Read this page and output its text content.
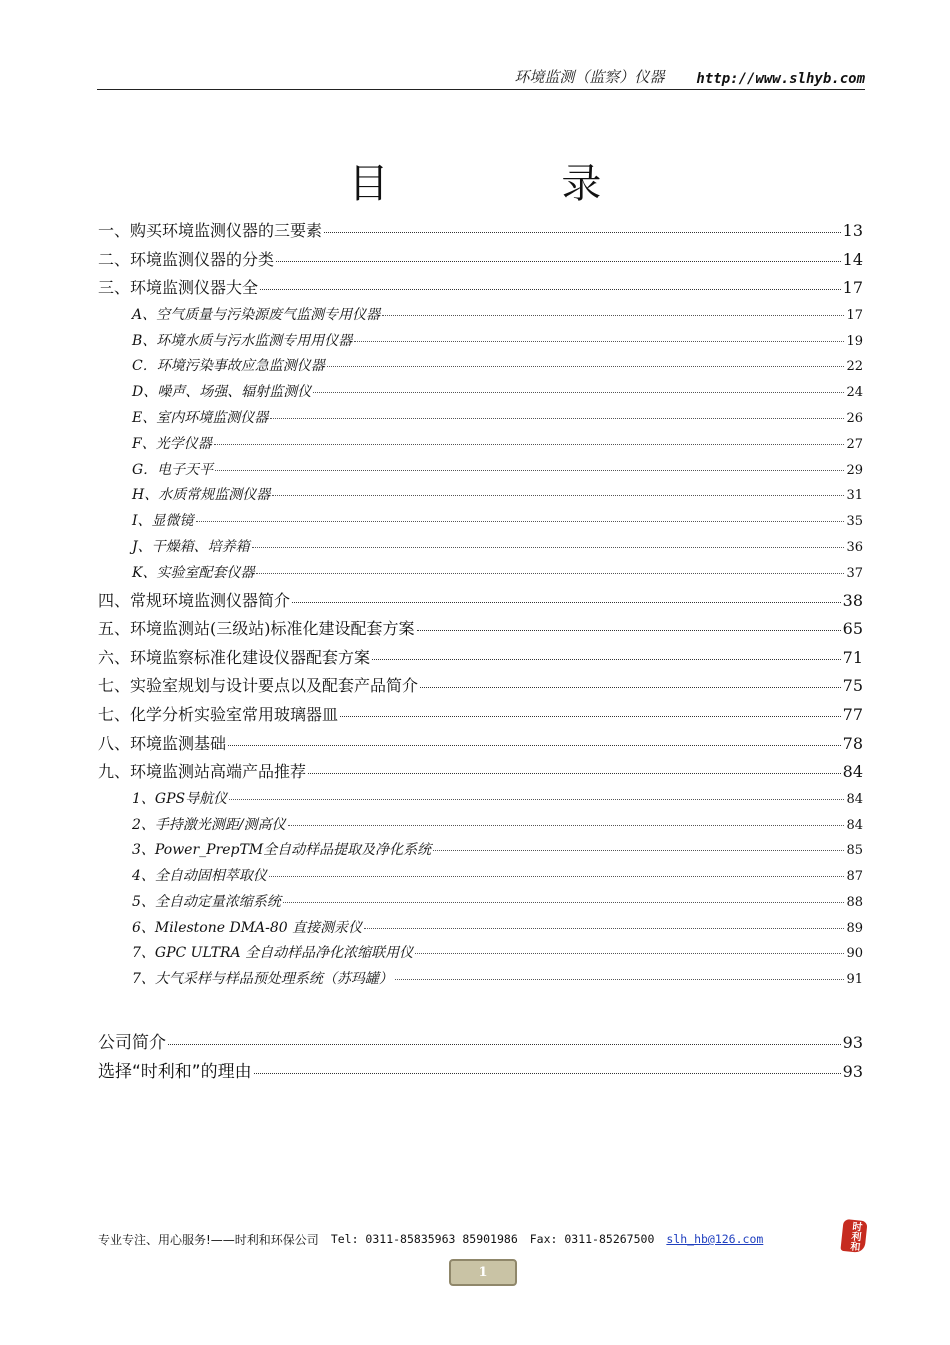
环境监测（监察）仪器 http://www.slhyb.com
目 录
一、购买环境监测仪器的三要素	13
二、环境监测仪器的分类	14
三、环境监测仪器大全	17
A、空气质量与污染源废气监测专用仪器	17
B、环境水质与污水监测专用用仪器	19
C．环境污染事故应急监测仪器	22
D、噪声、场强、辐射监测仪	24
E、室内环境监测仪器	26
F、光学仪器	27
G．电子天平	29
H、水质常规监测仪器	31
I、显微镜	35
J、干燥箱、培养箱	36
K、实验室配套仪器	37
四、常规环境监测仪器简介	38
五、环境监测站(三级站)标准化建设配套方案	65
六、环境监察标准化建设仪器配套方案	71
七、实验室规划与设计要点以及配套产品简介	75
七、化学分析实验室常用玻璃器皿	77
八、环境监测基础	78
九、环境监测站高端产品推荐	84
1、GPS导航仪	84
2、手持激光测距/测高仪	84
3、Power_PrepTM全自动样品提取及净化系统	85
4、全自动固相萃取仪	87
5、全自动定量浓缩系统	88
6、Milestone DMA-80 直接测汞仪	89
7、GPC ULTRA 全自动样品净化浓缩联用仪	90
7、大气采样与样品预处理系统（苏玛罐）	91
公司简介	93
选择“时利和”的理由	93
专业专注、用心服务!——时利和环保公司 Tel: 0311-85835963 85901986 Fax: 0311-85267500 slh_hb@126.com	时利和
1
